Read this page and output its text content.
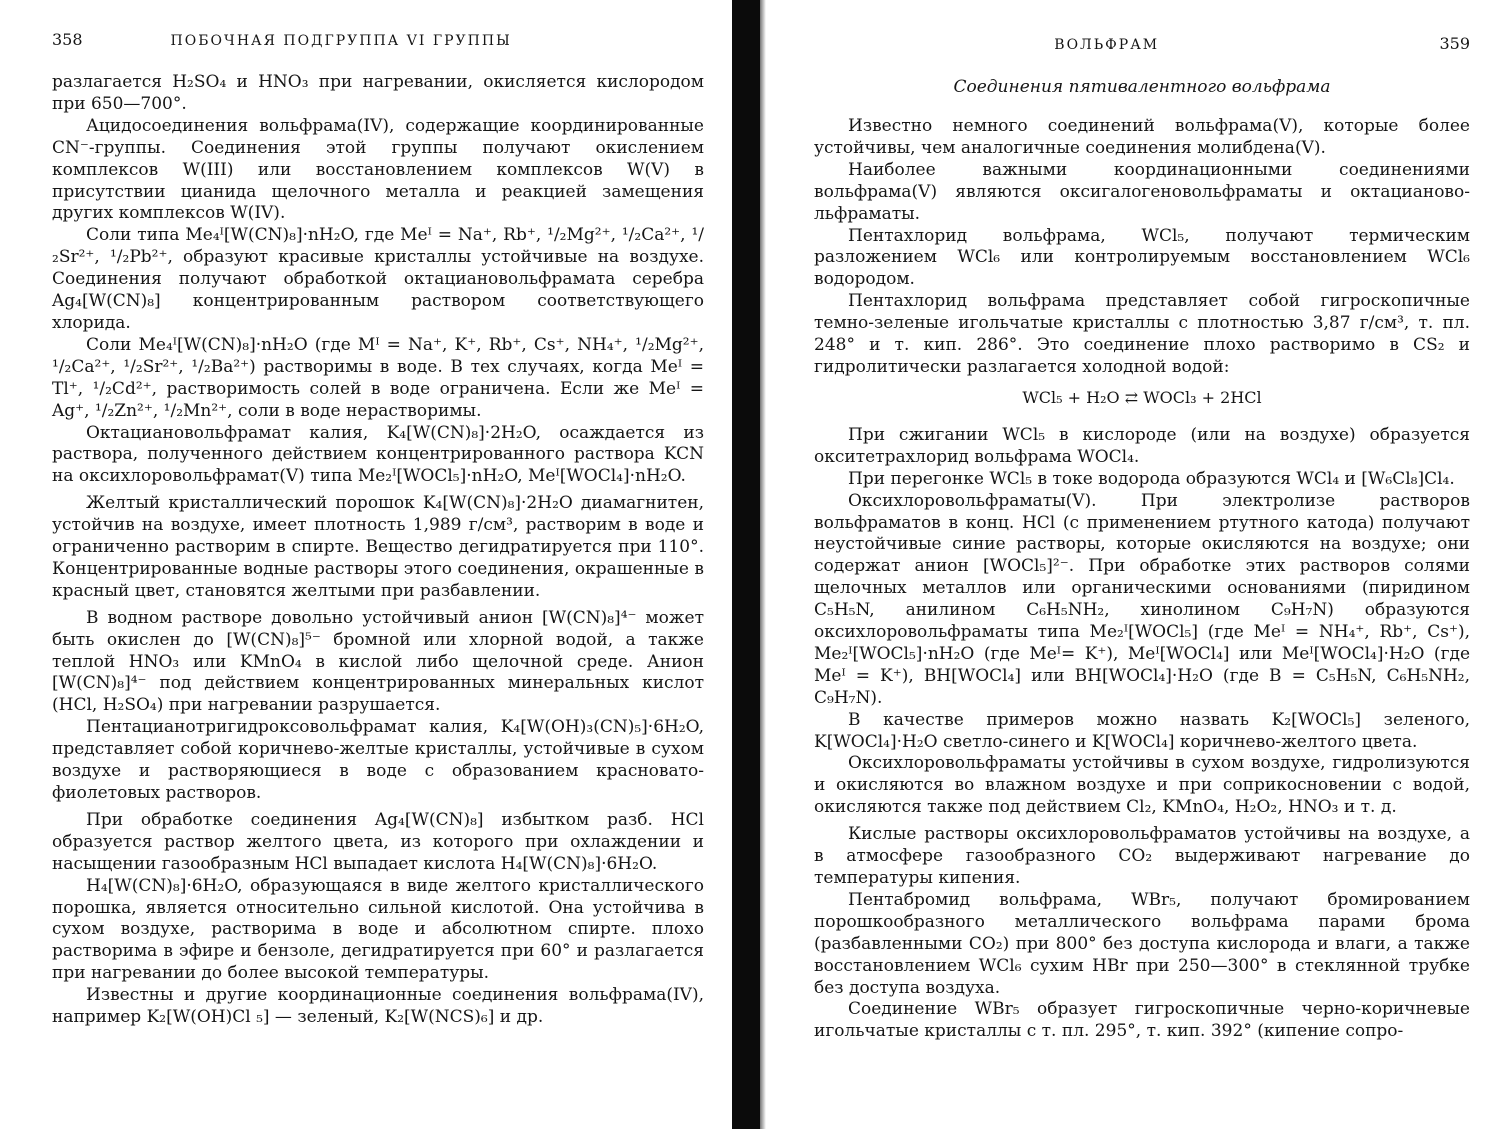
358	ПОБОЧНАЯ ПОДГРУППА VI ГРУППЫ

разлагается H₂SO₄ и HNO₃ при нагревании, окисляется кислородом при 650—700°.

Ацидосоединения вольфрама(IV), содержащие координированные CN⁻-группы. Соединения этой группы получают окислением комплексов W(III) или восстановлением комплексов W(V) в присутствии цианида щелочного металла и реакцией замещения других комплексов W(IV).

Соли типа Me₄ᴵ[W(CN)₈]·nH₂O, где Meᴵ = Na⁺, Rb⁺, ¹/₂Mg²⁺, ¹/₂Ca²⁺, ¹/₂Sr²⁺, ¹/₂Pb²⁺, образуют красивые кристаллы устойчивые на воздухе. Соединения получают обработкой октациановольфрамата серебра Ag₄[W(CN)₈] концентрированным раствором соответствующего хлорида.

Соли Me₄ᴵ[W(CN)₈]·nH₂O (где Mᴵ = Na⁺, K⁺, Rb⁺, Cs⁺, NH₄⁺, ¹/₂Mg²⁺, ¹/₂Ca²⁺, ¹/₂Sr²⁺, ¹/₂Ba²⁺) растворимы в воде. В тех случаях, когда Meᴵ = Tl⁺, ¹/₂Cd²⁺, растворимость солей в воде ограничена. Если же Meᴵ = Ag⁺, ¹/₂Zn²⁺, ¹/₂Mn²⁺, соли в воде нерастворимы.

Октациановольфрамат калия, K₄[W(CN)₈]·2H₂O, осаждается из раствора, полученного действием концентрированного раствора KCN на оксихлоровольфрамат(V) типа Me₂ᴵ[WOCl₅]·nH₂O, Meᴵ[WOCl₄]·nH₂O.

Желтый кристаллический порошок K₄[W(CN)₈]·2H₂O диамагнитен, устойчив на воздухе, имеет плотность 1,989 г/см³, растворим в воде и ограниченно растворим в спирте. Вещество дегидратируется при 110°. Концентрированные водные растворы этого соединения, окрашенные в красный цвет, становятся желтыми при разбавлении.

В водном растворе довольно устойчивый анион [W(CN)₈]⁴⁻ может быть окислен до [W(CN)₈]⁵⁻ бромной или хлорной водой, а также теплой HNO₃ или KMnO₄ в кислой либо щелочной среде. Анион [W(CN)₈]⁴⁻ под действием концентрированных минеральных кислот (HCl, H₂SO₄) при нагревании разрушается.

Пентацианотригидроксовольфрамат калия, K₄[W(OH)₃(CN)₅]·6H₂O, представляет собой коричнево-желтые кристаллы, устойчивые в сухом воздухе и растворяющиеся в воде с образованием красновато-фиолетовых растворов.

При обработке соединения Ag₄[W(CN)₈] избытком разб. HCl образуется раствор желтого цвета, из которого при охлаждении и насыщении газообразным HCl выпадает кислота H₄[W(CN)₈]·6H₂O.

H₄[W(CN)₈]·6H₂O, образующаяся в виде желтого кристаллического порошка, является относительно сильной кислотой. Она устойчива в сухом воздухе, растворима в воде и абсолютном спирте. плохо растворима в эфире и бензоле, дегидратируется при 60° и разлагается при нагревании до более высокой температуры.

Известны и другие координационные соединения вольфрама(IV), например K₂[W(OH)Cl ₅] — зеленый, K₂[W(NCS)₆] и др.

ВОЛЬФРАМ	359
Соединения пятивалентного вольфрама

Известно немного соединений вольфрама(V), которые более устойчивы, чем аналогичные соединения молибдена(V).

Наиболее важными координационными соединениями вольфрама(V) являются оксигалогеновольфраматы и октациановольфраматы.

Пентахлорид вольфрама, WCl₅, получают термическим разложением WCl₆ или контролируемым восстановлением WCl₆ водородом.

Пентахлорид вольфрама представляет собой гигроскопичные темно-зеленые игольчатые кристаллы с плотностью 3,87 г/см³, т. пл. 248° и т. кип. 286°. Это соединение плохо растворимо в CS₂ и гидролитически разлагается холодной водой:

WCl₅ + H₂O ⇄ WOCl₃ + 2HCl

При сжигании WCl₅ в кислороде (или на воздухе) образуется окситетрахлорид вольфрама WOCl₄.

При перегонке WCl₅ в токе водорода образуются WCl₄ и [W₆Cl₈]Cl₄.

Оксихлоровольфраматы(V). При электролизе растворов вольфраматов в конц. HCl (с применением ртутного катода) получают неустойчивые синие растворы, которые окисляются на воздухе; они содержат анион [WOCl₅]²⁻. При обработке этих растворов солями щелочных металлов или органическими основаниями (пиридином C₅H₅N, анилином C₆H₅NH₂, хинолином C₉H₇N) образуются оксихлоровольфраматы типа Me₂ᴵ[WOCl₅] (где Meᴵ = NH₄⁺, Rb⁺, Cs⁺), Me₂ᴵ[WOCl₅]·nH₂O (где Meᴵ= K⁺), Meᴵ[WOCl₄] или Meᴵ[WOCl₄]·H₂O (где Meᴵ = K⁺), BH[WOCl₄] или BH[WOCl₄]·H₂O (где B = C₅H₅N, C₆H₅NH₂, C₉H₇N).

В качестве примеров можно назвать K₂[WOCl₅] зеленого, K[WOCl₄]·H₂O светло-синего и K[WOCl₄] коричнево-желтого цвета.

Оксихлоровольфраматы устойчивы в сухом воздухе, гидролизуются и окисляются во влажном воздухе и при соприкосновении с водой, окисляются также под действием Cl₂, KMnO₄, H₂O₂, HNO₃ и т. д.

Кислые растворы оксихлоровольфраматов устойчивы на воздухе, а в атмосфере газообразного CO₂ выдерживают нагревание до температуры кипения.

Пентабромид вольфрама, WBr₅, получают бромированием порошкообразного металлического вольфрама парами брома (разбавленными CO₂) при 800° без доступа кислорода и влаги, а также восстановлением WCl₆ сухим HBr при 250—300° в стеклянной трубке без доступа воздуха.

Соединение WBr₅ образует гигроскопичные черно-коричневые игольчатые кристаллы с т. пл. 295°, т. кип. 392° (кипение сопро-
